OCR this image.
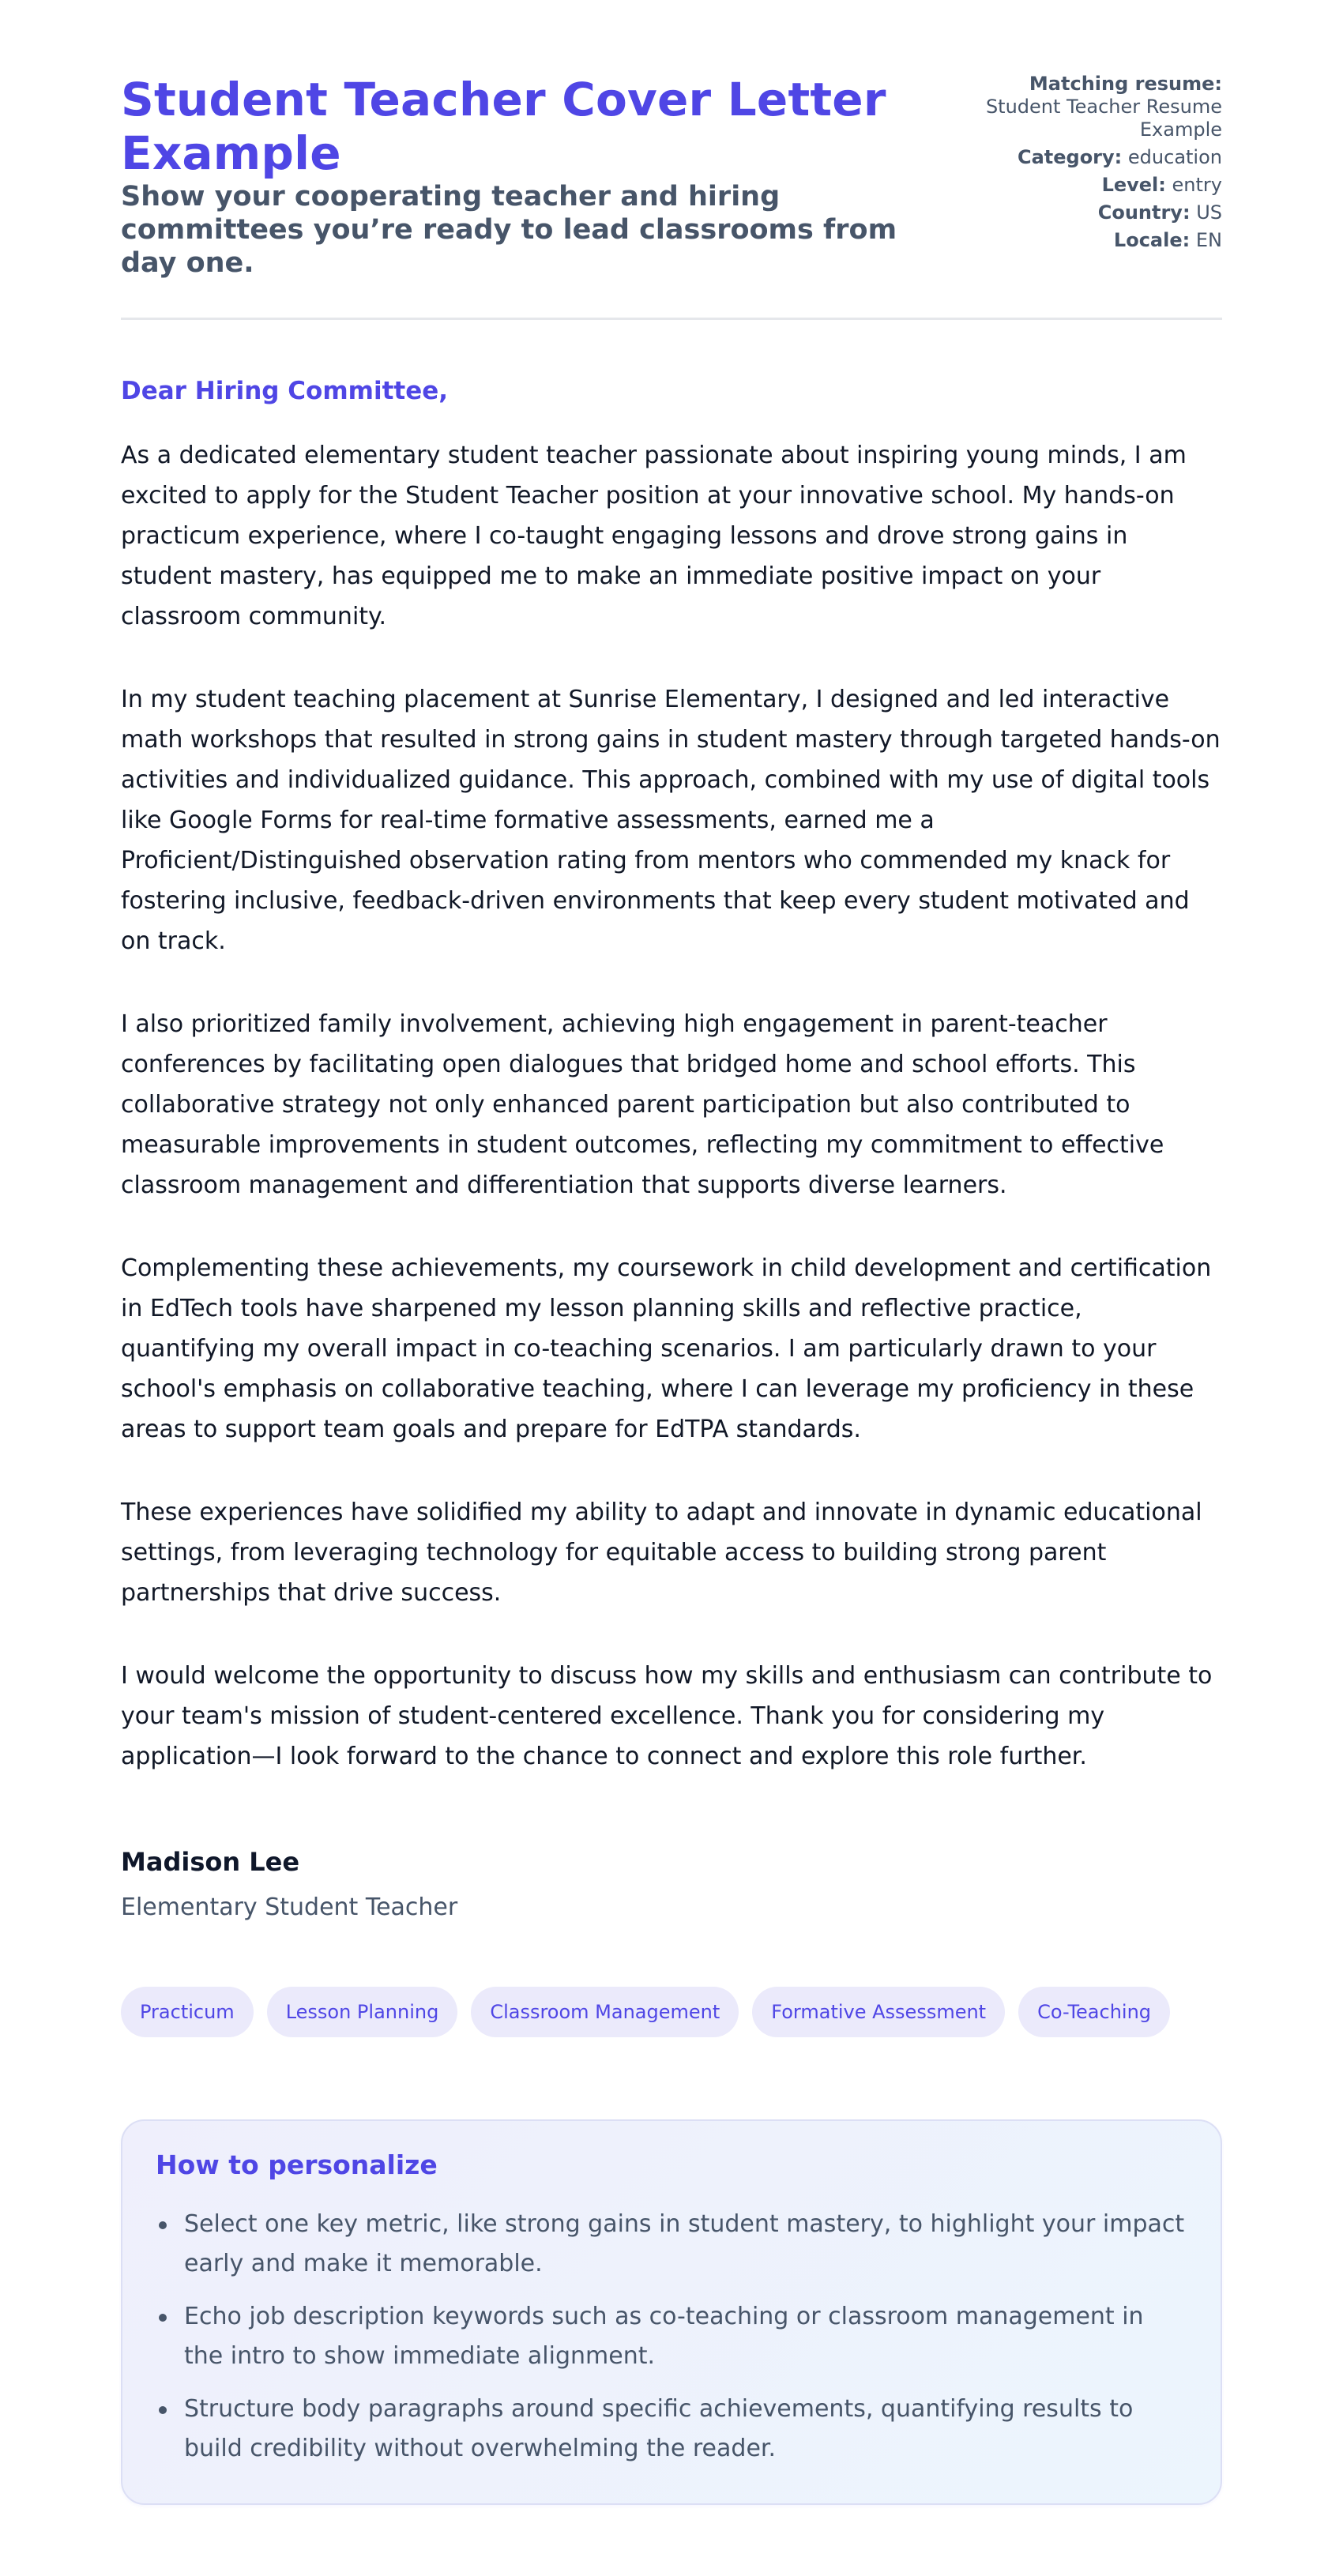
Student Teacher Cover Letter Example
Show your cooperating teacher and hiring committees you’re ready to lead classrooms from day one.
Matching resume:
Student Teacher Resume Example
Category: education
Level: entry
Country: US
Locale: EN
Dear Hiring Committee,

As a dedicated elementary student teacher passionate about inspiring young minds, I am excited to apply for the Student Teacher position at your innovative school. My hands-on practicum experience, where I co-taught engaging lessons and drove strong gains in student mastery, has equipped me to make an immediate positive impact on your classroom community.

In my student teaching placement at Sunrise Elementary, I designed and led interactive math workshops that resulted in strong gains in student mastery through targeted hands-on activities and individualized guidance. This approach, combined with my use of digital tools like Google Forms for real-time formative assessments, earned me a Proficient/Distinguished observation rating from mentors who commended my knack for fostering inclusive, feedback-driven environments that keep every student motivated and on track.

I also prioritized family involvement, achieving high engagement in parent-teacher conferences by facilitating open dialogues that bridged home and school efforts. This collaborative strategy not only enhanced parent participation but also contributed to measurable improvements in student outcomes, reflecting my commitment to effective classroom management and differentiation that supports diverse learners.

Complementing these achievements, my coursework in child development and certification in EdTech tools have sharpened my lesson planning skills and reflective practice, quantifying my overall impact in co-teaching scenarios. I am particularly drawn to your school's emphasis on collaborative teaching, where I can leverage my proficiency in these areas to support team goals and prepare for EdTPA standards.

These experiences have solidified my ability to adapt and innovate in dynamic educational settings, from leveraging technology for equitable access to building strong parent partnerships that drive success.

I would welcome the opportunity to discuss how my skills and enthusiasm can contribute to your team's mission of student-centered excellence. Thank you for considering my application—I look forward to the chance to connect and explore this role further.

Madison Lee
Elementary Student Teacher
Practicum	Lesson Planning	Classroom Management	Formative Assessment	Co-Teaching
How to personalize
Select one key metric, like strong gains in student mastery, to highlight your impact early and make it memorable.
Echo job description keywords such as co-teaching or classroom management in the intro to show immediate alignment.
Structure body paragraphs around specific achievements, quantifying results to build credibility without overwhelming the reader.
